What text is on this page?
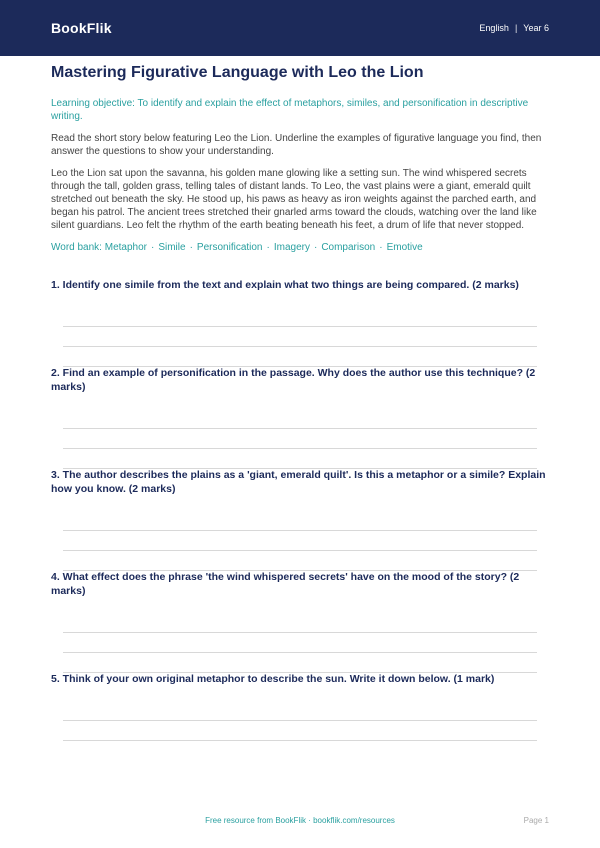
BookFlik	English | Year 6
Mastering Figurative Language with Leo the Lion
Learning objective: To identify and explain the effect of metaphors, similes, and personification in descriptive writing.
Read the short story below featuring Leo the Lion. Underline the examples of figurative language you find, then answer the questions to show your understanding.
Leo the Lion sat upon the savanna, his golden mane glowing like a setting sun. The wind whispered secrets through the tall, golden grass, telling tales of distant lands. To Leo, the vast plains were a giant, emerald quilt stretched out beneath the sky. He stood up, his paws as heavy as iron weights against the parched earth, and began his patrol. The ancient trees stretched their gnarled arms toward the clouds, watching over the land like silent guardians. Leo felt the rhythm of the earth beating beneath his feet, a drum of life that never stopped.
Word bank:
Metaphor · Simile · Personification · Imagery · Comparison · Emotive
1. Identify one simile from the text and explain what two things are being compared. (2 marks)
2. Find an example of personification in the passage. Why does the author use this technique? (2 marks)
3. The author describes the plains as a 'giant, emerald quilt'. Is this a metaphor or a simile? Explain how you know. (2 marks)
4. What effect does the phrase 'the wind whispered secrets' have on the mood of the story? (2 marks)
5. Think of your own original metaphor to describe the sun. Write it down below. (1 mark)
Free resource from BookFlik · bookflik.com/resources	Page 1
